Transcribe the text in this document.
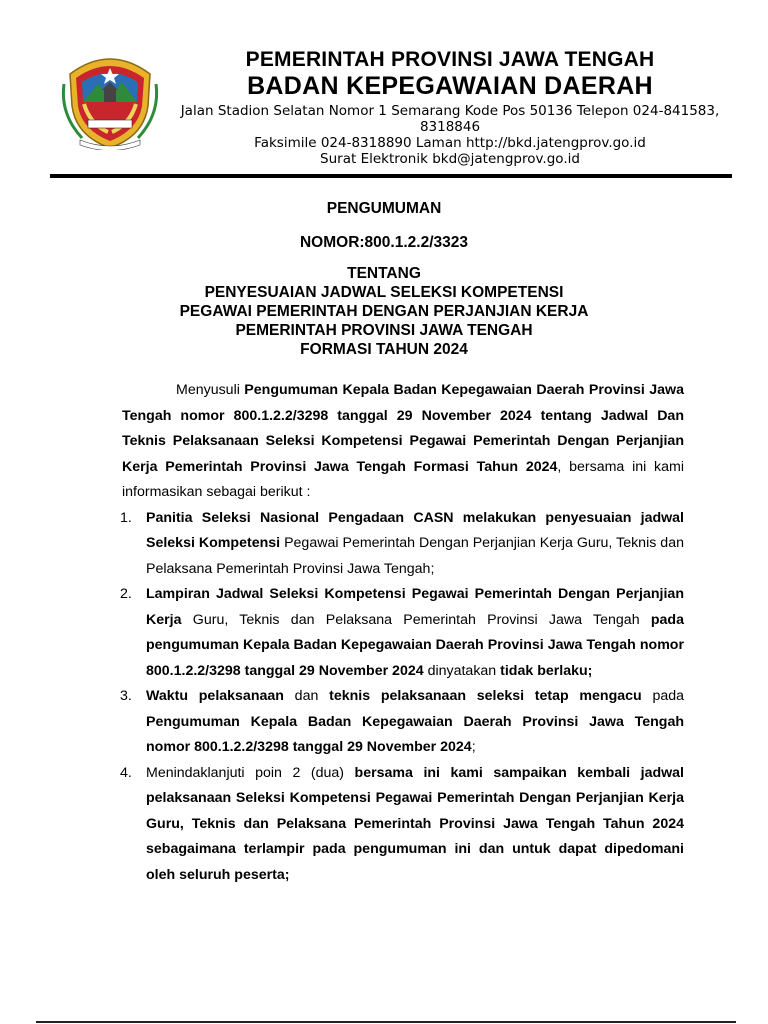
PEMERINTAH PROVINSI JAWA TENGAH
BADAN KEPEGAWAIAN DAERAH
Jalan Stadion Selatan Nomor 1 Semarang Kode Pos 50136 Telepon 024-841583,
8318846
Faksimile 024-8318890 Laman http://bkd.jatengprov.go.id
Surat Elektronik bkd@jatengprov.go.id
PENGUMUMAN
NOMOR:800.1.2.2/3323
TENTANG
PENYESUAIAN JADWAL SELEKSI KOMPETENSI
PEGAWAI PEMERINTAH DENGAN PERJANJIAN KERJA
PEMERINTAH PROVINSI JAWA TENGAH
FORMASI TAHUN 2024

Menyusuli Pengumuman Kepala Badan Kepegawaian Daerah Provinsi Jawa Tengah nomor 800.1.2.2/3298 tanggal 29 November 2024 tentang Jadwal Dan Teknis Pelaksanaan Seleksi Kompetensi Pegawai Pemerintah Dengan Perjanjian Kerja Pemerintah Provinsi Jawa Tengah Formasi Tahun 2024, bersama ini kami informasikan sebagai berikut :

1. Panitia Seleksi Nasional Pengadaan CASN melakukan penyesuaian jadwal Seleksi Kompetensi Pegawai Pemerintah Dengan Perjanjian Kerja Guru, Teknis dan Pelaksana Pemerintah Provinsi Jawa Tengah;
2. Lampiran Jadwal Seleksi Kompetensi Pegawai Pemerintah Dengan Perjanjian Kerja Guru, Teknis dan Pelaksana Pemerintah Provinsi Jawa Tengah pada pengumuman Kepala Badan Kepegawaian Daerah Provinsi Jawa Tengah nomor 800.1.2.2/3298 tanggal 29 November 2024 dinyatakan tidak berlaku;
3. Waktu pelaksanaan dan teknis pelaksanaan seleksi tetap mengacu pada Pengumuman Kepala Badan Kepegawaian Daerah Provinsi Jawa Tengah nomor 800.1.2.2/3298 tanggal 29 November 2024;
4. Menindaklanjuti poin 2 (dua) bersama ini kami sampaikan kembali jadwal pelaksanaan Seleksi Kompetensi Pegawai Pemerintah Dengan Perjanjian Kerja Guru, Teknis dan Pelaksana Pemerintah Provinsi Jawa Tengah Tahun 2024 sebagaimana terlampir pada pengumuman ini dan untuk dapat dipedomani oleh seluruh peserta;
